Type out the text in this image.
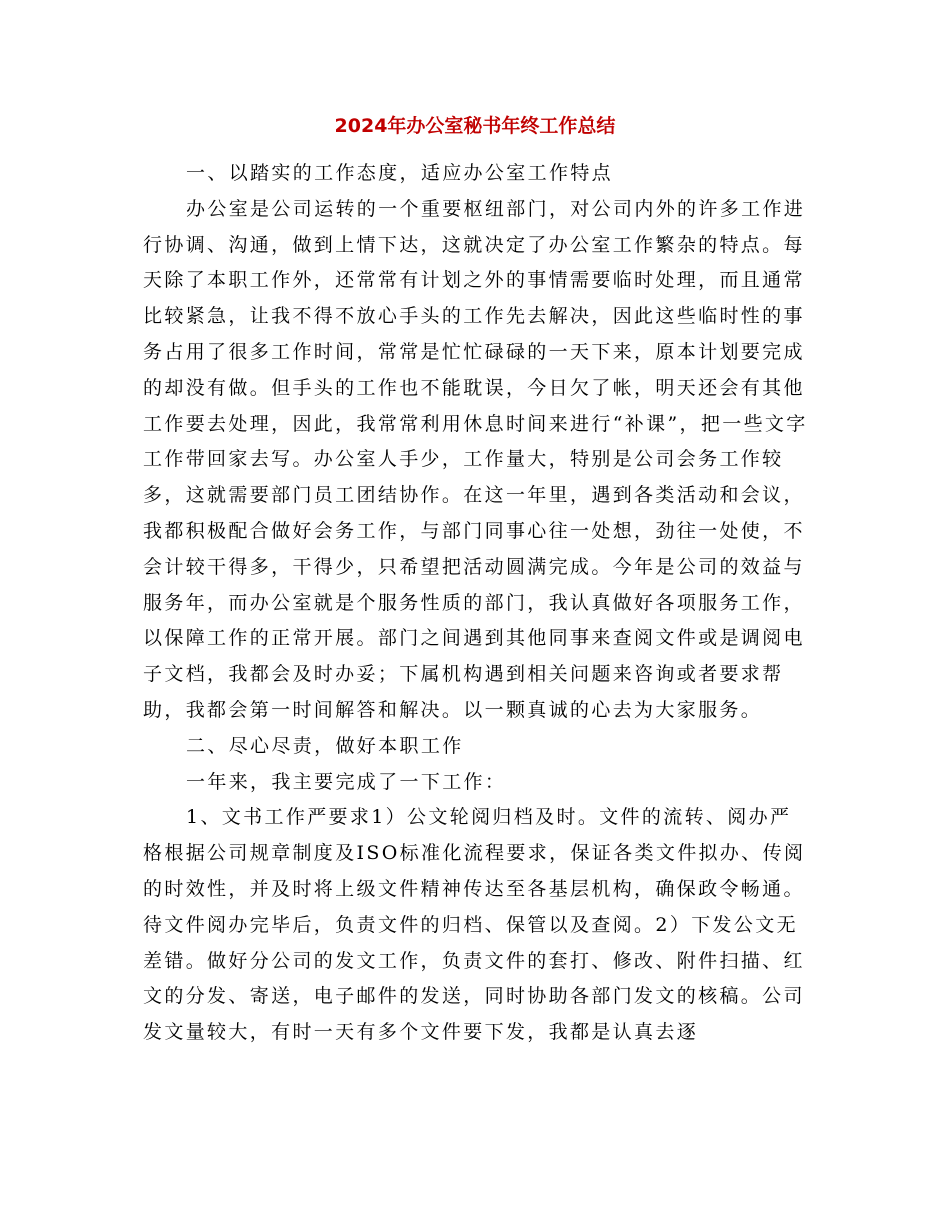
2024年办公室秘书年终工作总结

一、以踏实的工作态度，适应办公室工作特点

办公室是公司运转的一个重要枢纽部门，对公司内外的许多工作进行协调、沟通，做到上情下达，这就决定了办公室工作繁杂的特点。每天除了本职工作外，还常常有计划之外的事情需要临时处理，而且通常比较紧急，让我不得不放心手头的工作先去解决，因此这些临时性的事务占用了很多工作时间，常常是忙忙碌碌的一天下来，原本计划要完成的却没有做。但手头的工作也不能耽误，今日欠了帐，明天还会有其他工作要去处理，因此，我常常利用休息时间来进行“补课”，把一些文字工作带回家去写。办公室人手少，工作量大，特别是公司会务工作较多，这就需要部门员工团结协作。在这一年里，遇到各类活动和会议，我都积极配合做好会务工作，与部门同事心往一处想，劲往一处使，不会计较干得多，干得少，只希望把活动圆满完成。今年是公司的效益与服务年，而办公室就是个服务性质的部门，我认真做好各项服务工作，以保障工作的正常开展。部门之间遇到其他同事来查阅文件或是调阅电子文档，我都会及时办妥；下属机构遇到相关问题来咨询或者要求帮助，我都会第一时间解答和解决。以一颗真诚的心去为大家服务。

二、尽心尽责，做好本职工作

一年来，我主要完成了一下工作：

1、文书工作严要求1）公文轮阅归档及时。文件的流转、阅办严格根据公司规章制度及ISO标准化流程要求，保证各类文件拟办、传阅的时效性，并及时将上级文件精神传达至各基层机构，确保政令畅通。待文件阅办完毕后，负责文件的归档、保管以及查阅。2）下发公文无差错。做好分公司的发文工作，负责文件的套打、修改、附件扫描、红文的分发、寄送，电子邮件的发送，同时协助各部门发文的核稿。公司发文量较大，有时一天有多个文件要下发，我都是认真去逐
